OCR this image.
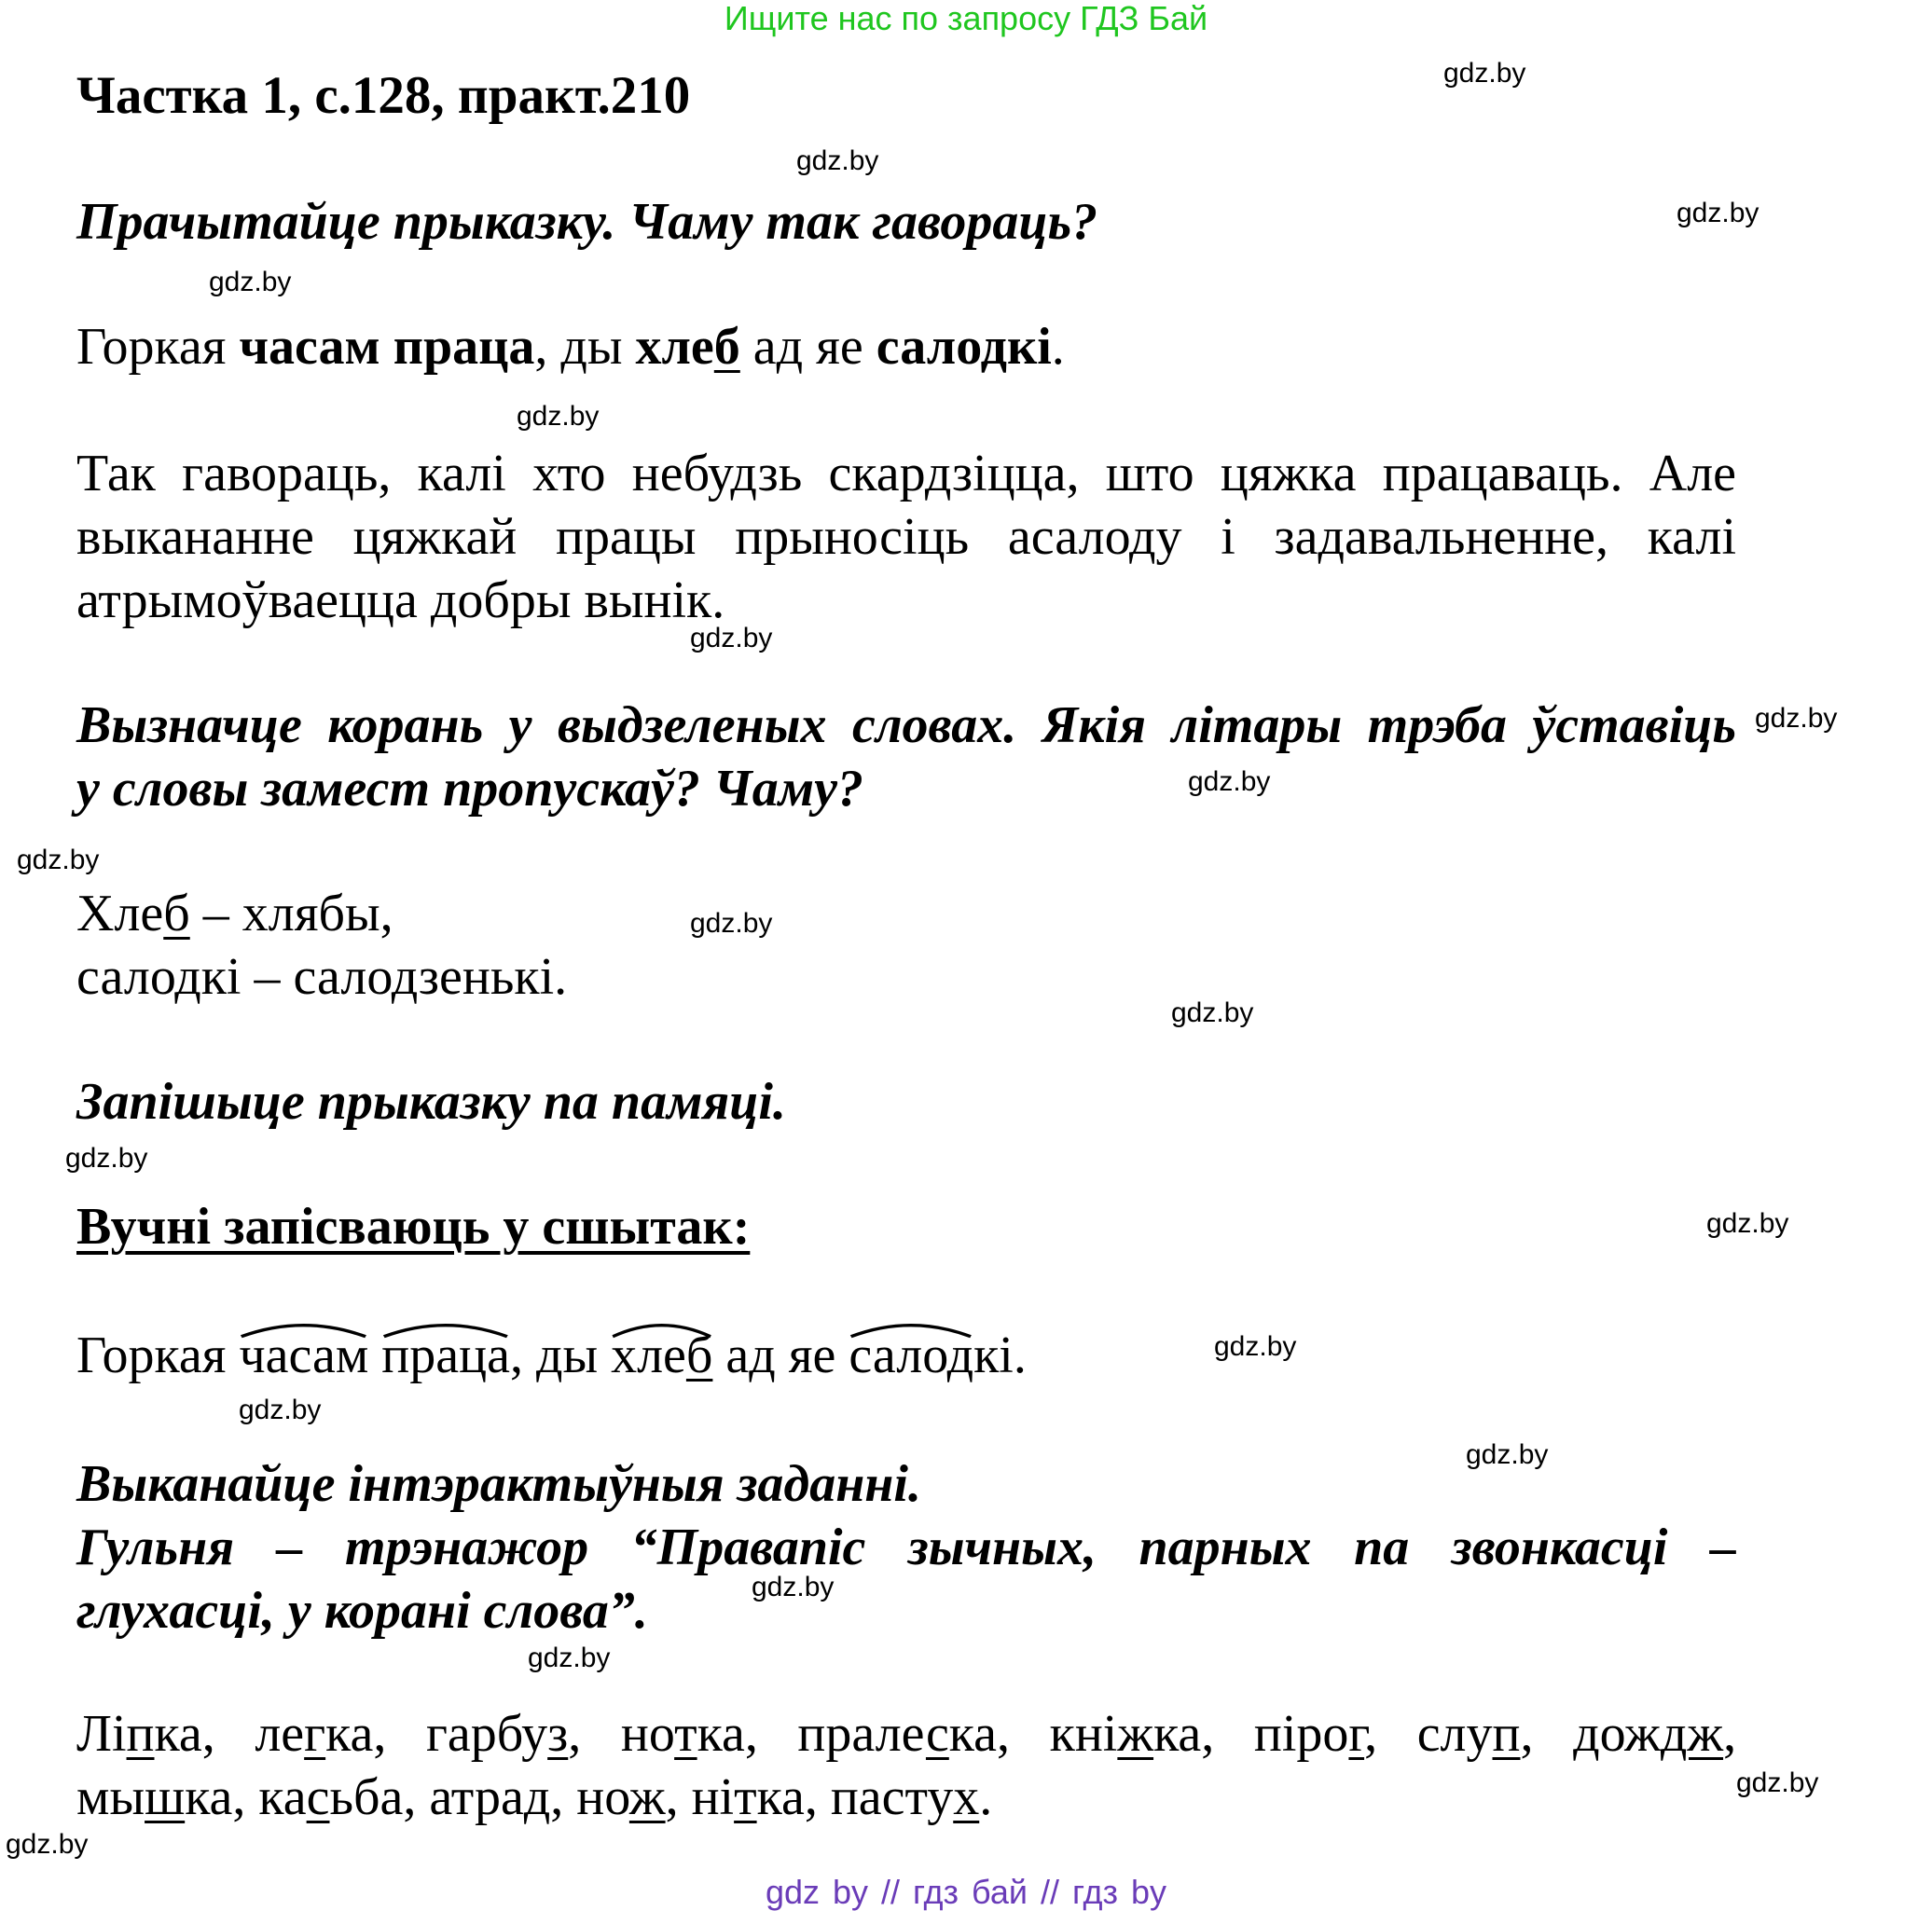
Ищите нас по запросу ГДЗ Бай
gdz.by
gdz.by
gdz.by
gdz.by
gdz.by
gdz.by
gdz.by
gdz.by
gdz.by
gdz.by
gdz.by
gdz.by
gdz.by
gdz.by
gdz.by
gdz.by
gdz.by
gdz.by
gdz.by
gdz.by
Частка 1, с.128, практ.210
Прачытайце прыказку. Чаму так гавораць?
Горкая часам праца, ды хлеб ад яе салодкі.
Так гавораць, калі хто небудзь скардзіцца, што цяжка працаваць. Але
выкананне цяжкай працы прыносіць асалоду і задавальненне, калі
атрымоўваецца добры вынік.
Вызначце корань у выдзеленых словах. Якія літары трэба ўставіць
у словы замест пропускаў? Чаму?
Хлеб – хлябы,
салодкі – салодзенькі.
Запішыце прыказку па памяці.
Вучні запісваюць у сшытак:
Горкая
часам праца, ды
хлеб ад яе
салодкі.
Выканайце інтэрактыўныя заданні.
Гульня – трэнажор “Правапіс зычных, парных па звонкасці –
глухасці, у корані слова”.
Ліпка, легка, гарбуз, нотка, пралеска, кніжка, пірог, слуп, дождж,
мышка, касьба, атрад, нож, нітка, пастух.
gdz by // гдз бай // гдз by
